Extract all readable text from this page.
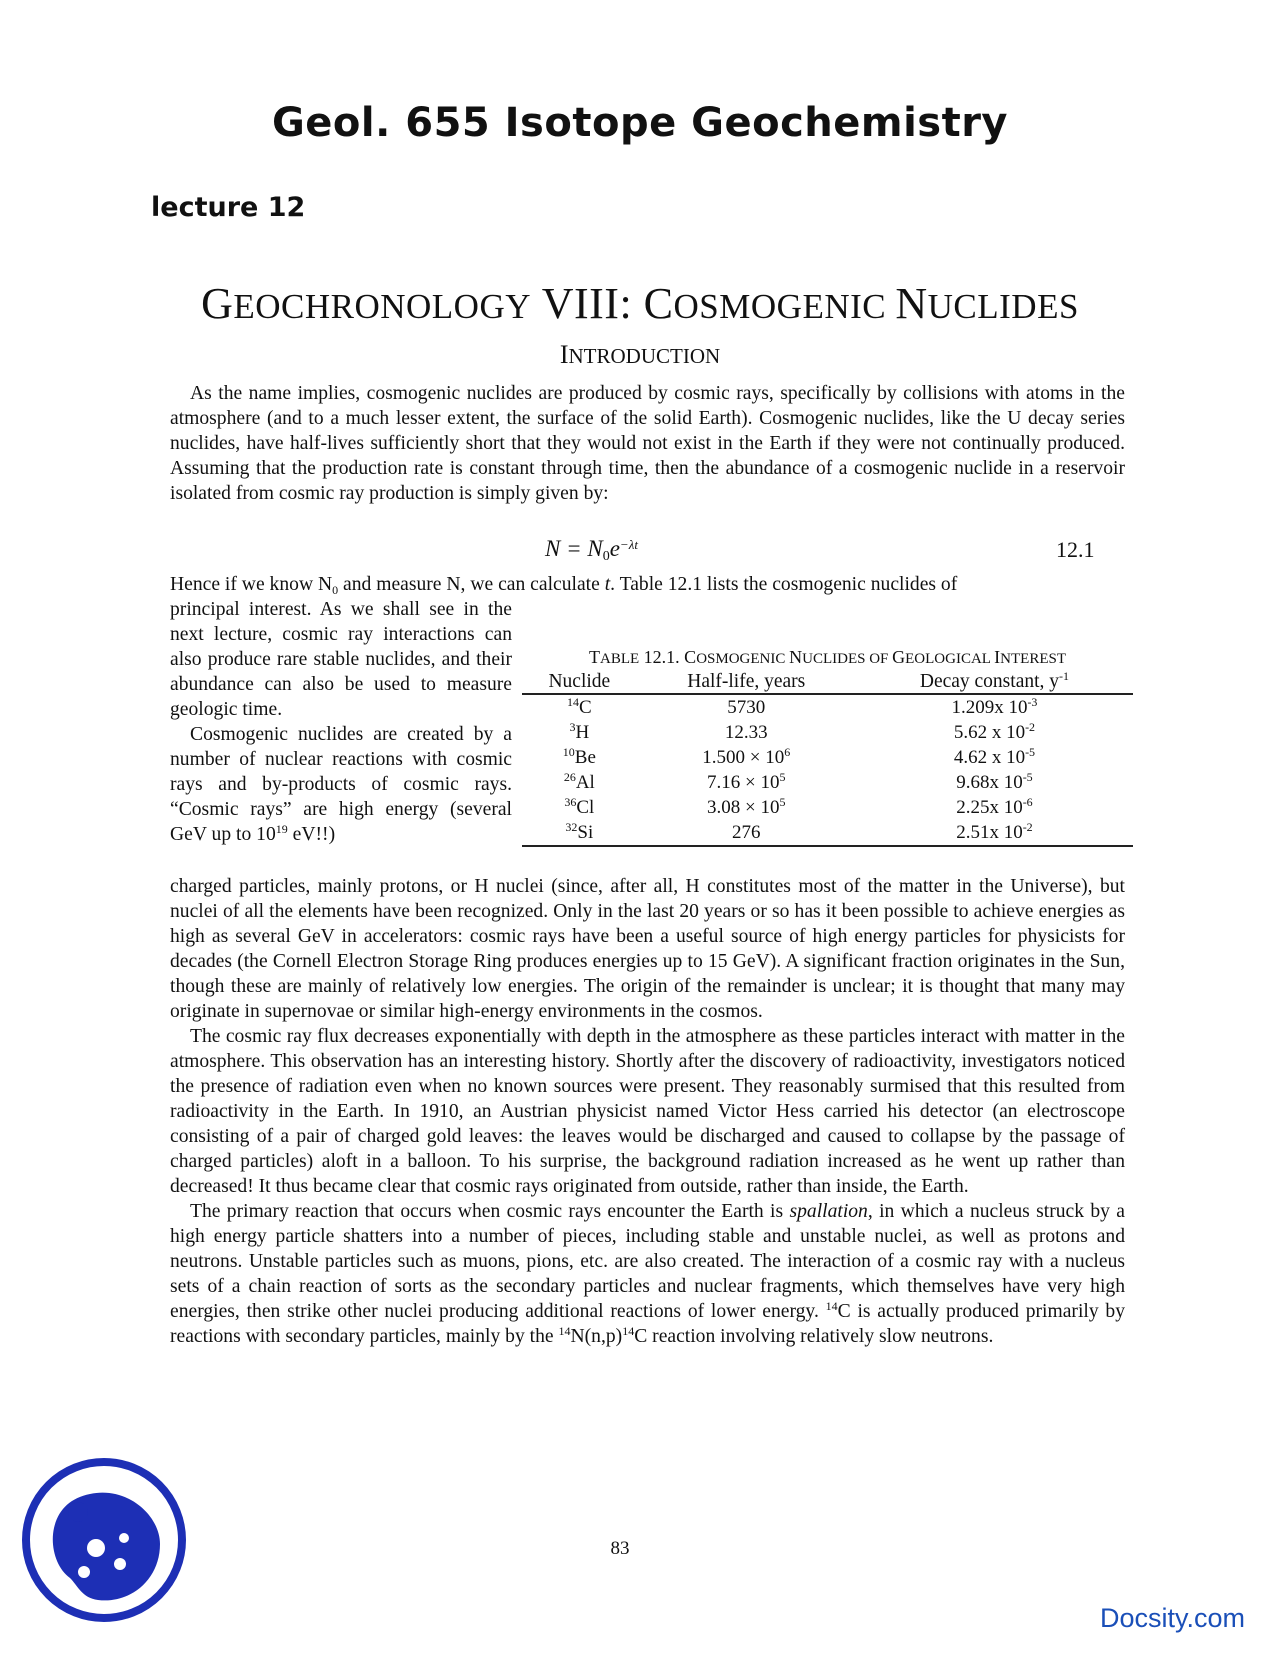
Geol. 655 Isotope Geochemistry
lecture 12
GEOCHRONOLOGY VIII: COSMOGENIC NUCLIDES
INTRODUCTION

As the name implies, cosmogenic nuclides are produced by cosmic rays, specifically by collisions with atoms in the atmosphere (and to a much lesser extent, the surface of the solid Earth). Cosmogenic nuclides, like the U decay series nuclides, have half-lives sufficiently short that they would not exist in the Earth if they were not continually produced. Assuming that the production rate is constant through time, then the abundance of a cosmogenic nuclide in a reservoir isolated from cosmic ray production is simply given by:

$N = N_0e^{-\lambda t}$	12.1

Hence if we know $N_0$ and measure N, we can calculate t. Table 12.1 lists the cosmogenic nuclides of

principal interest. As we shall see in the next lecture, cosmic ray interactions can also produce rare stable nuclides, and their abundance can also be used to measure geologic time.

Cosmogenic nuclides are created by a number of nuclear reactions with cosmic rays and by-products of cosmic rays. “Cosmic rays” are high energy (several GeV up to $10^{19}$ eV!!)

TABLE 12.1. COSMOGENIC NUCLIDES OF GEOLOGICAL INTEREST
Nuclide	Half-life, years	Decay constant, $y^{-1}$
$^{14}$C	5730	1.209x $10^{-3}$
$^3$H	12.33	5.62 x $10^{-2}$
$^{10}$Be	$1.500 \times 10^6$	4.62 x $10^{-5}$
$^{26}$Al	$7.16 \times 10^5$	9.68x $10^{-5}$
$^{36}$Cl	$3.08 \times 10^5$	2.25x $10^{-6}$
$^{32}$Si	276	2.51x $10^{-2}$

charged particles, mainly protons, or H nuclei (since, after all, H constitutes most of the matter in the Universe), but nuclei of all the elements have been recognized. Only in the last 20 years or so has it been possible to achieve energies as high as several GeV in accelerators: cosmic rays have been a useful source of high energy particles for physicists for decades (the Cornell Electron Storage Ring produces energies up to 15 GeV). A significant fraction originates in the Sun, though these are mainly of relatively low energies. The origin of the remainder is unclear; it is thought that many may originate in supernovae or similar high-energy environments in the cosmos.

The cosmic ray flux decreases exponentially with depth in the atmosphere as these particles interact with matter in the atmosphere. This observation has an interesting history. Shortly after the discovery of radioactivity, investigators noticed the presence of radiation even when no known sources were present. They reasonably surmised that this resulted from radioactivity in the Earth. In 1910, an Austrian physicist named Victor Hess carried his detector (an electroscope consisting of a pair of charged gold leaves: the leaves would be discharged and caused to collapse by the passage of charged particles) aloft in a balloon. To his surprise, the background radiation increased as he went up rather than decreased! It thus became clear that cosmic rays originated from outside, rather than inside, the Earth.

The primary reaction that occurs when cosmic rays encounter the Earth is spallation, in which a nucleus struck by a high energy particle shatters into a number of pieces, including stable and unstable nuclei, as well as protons and neutrons. Unstable particles such as muons, pions, etc. are also created. The interaction of a cosmic ray with a nucleus sets of a chain reaction of sorts as the secondary particles and nuclear fragments, which themselves have very high energies, then strike other nuclei producing additional reactions of lower energy. $^{14}$C is actually produced primarily by reactions with secondary particles, mainly by the $^{14}N(n,p)^{14}C$ reaction involving relatively slow neutrons.

83
Docsity.com
